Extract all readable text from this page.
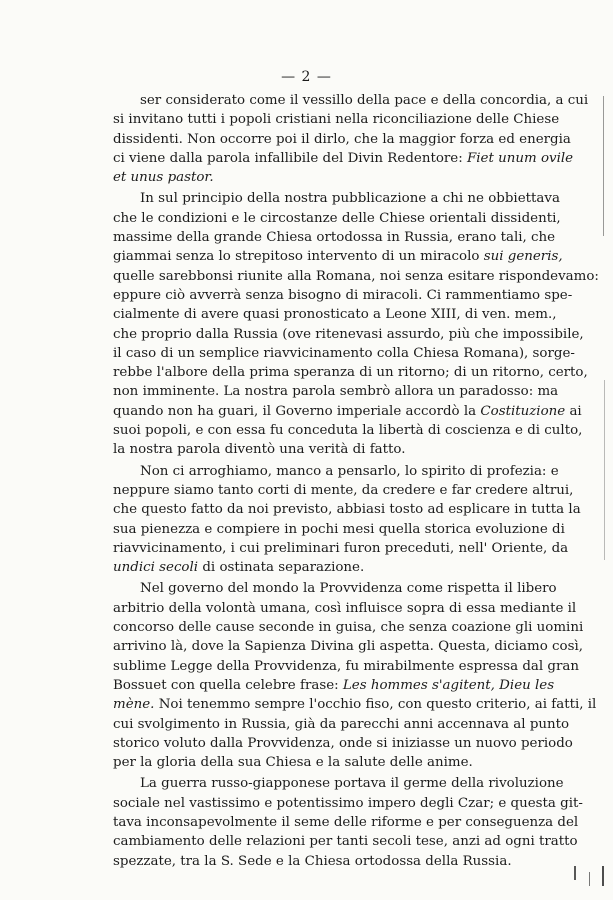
— 2 —
ser considerato come il vessillo della pace e della concordia, a cui
si invitano tutti i popoli cristiani nella riconciliazione delle Chiese
dissidenti. Non occorre poi il dirlo, che la maggior forza ed energia
ci viene dalla parola infallibile del Divin Redentore: Fiet unum ovile
et unus pastor.
In sul principio della nostra pubblicazione a chi ne obbiettava
che le condizioni e le circostanze delle Chiese orientali dissidenti,
massime della grande Chiesa ortodossa in Russia, erano tali, che
giammai senza lo strepitoso intervento di un miracolo sui generis,
quelle sarebbonsi riunite alla Romana, noi senza esitare rispondevamo:
eppure ciò avverrà senza bisogno di miracoli. Ci rammentiamo spe-
cialmente di avere quasi pronosticato a Leone XIII, di ven. mem.,
che proprio dalla Russia (ove ritenevasi assurdo, più che impossibile,
il caso di un semplice riavvicinamento colla Chiesa Romana), sorge-
rebbe l'albore della prima speranza di un ritorno; di un ritorno, certo,
non imminente. La nostra parola sembrò allora un paradosso: ma
quando non ha guari, il Governo imperiale accordò la Costituzione ai
suoi popoli, e con essa fu conceduta la libertà di coscienza e di culto,
la nostra parola diventò una verità di fatto.
Non ci arroghiamo, manco a pensarlo, lo spirito di profezia: e
neppure siamo tanto corti di mente, da credere e far credere altrui,
che questo fatto da noi previsto, abbiasi tosto ad esplicare in tutta la
sua pienezza e compiere in pochi mesi quella storica evoluzione di
riavvicinamento, i cui preliminari furon preceduti, nell' Oriente, da
undici secoli di ostinata separazione.
Nel governo del mondo la Provvidenza come rispetta il libero
arbitrio della volontà umana, così influisce sopra di essa mediante il
concorso delle cause seconde in guisa, che senza coazione gli uomini
arrivino là, dove la Sapienza Divina gli aspetta. Questa, diciamo così,
sublime Legge della Provvidenza, fu mirabilmente espressa dal gran
Bossuet con quella celebre frase: Les hommes s'agitent, Dieu les
mène. Noi tenemmo sempre l'occhio fiso, con questo criterio, ai fatti, il
cui svolgimento in Russia, già da parecchi anni accennava al punto
storico voluto dalla Provvidenza, onde si iniziasse un nuovo periodo
per la gloria della sua Chiesa e la salute delle anime.
La guerra russo-giapponese portava il germe della rivoluzione
sociale nel vastissimo e potentissimo impero degli Czar; e questa git-
tava inconsapevolmente il seme delle riforme e per conseguenza del
cambiamento delle relazioni per tanti secoli tese, anzi ad ogni tratto
spezzate, tra la S. Sede e la Chiesa ortodossa della Russia.
